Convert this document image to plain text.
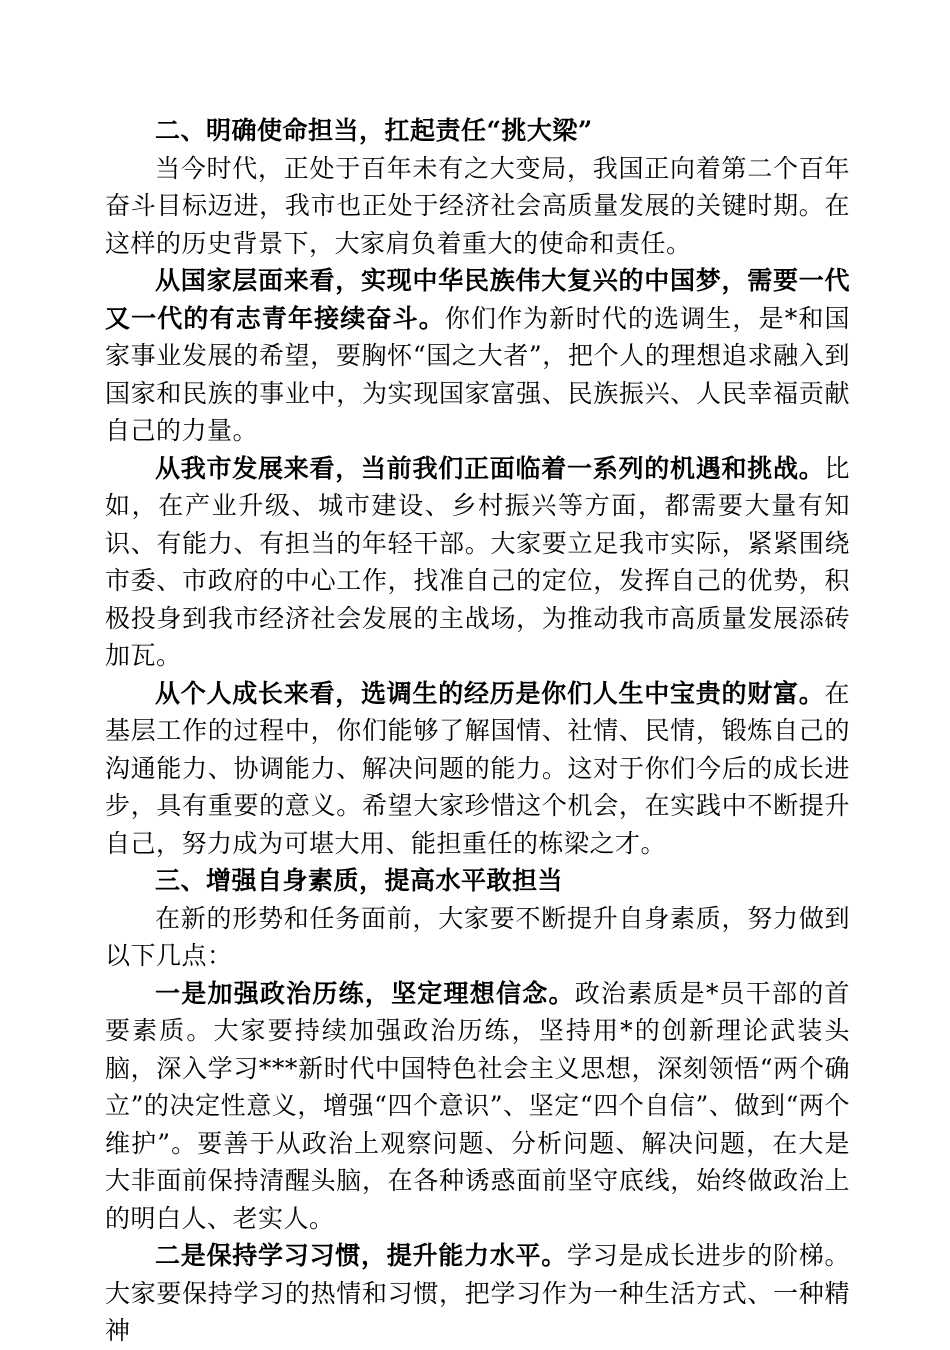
二、明确使命担当，扛起责任“挑大梁”

当今时代，正处于百年未有之大变局，我国正向着第二个百年奋斗目标迈进，我市也正处于经济社会高质量发展的关键时期。在这样的历史背景下，大家肩负着重大的使命和责任。

从国家层面来看，实现中华民族伟大复兴的中国梦，需要一代又一代的有志青年接续奋斗。你们作为新时代的选调生，是*和国家事业发展的希望，要胸怀“国之大者”，把个人的理想追求融入到国家和民族的事业中，为实现国家富强、民族振兴、人民幸福贡献自己的力量。

从我市发展来看，当前我们正面临着一系列的机遇和挑战。比如，在产业升级、城市建设、乡村振兴等方面，都需要大量有知识、有能力、有担当的年轻干部。大家要立足我市实际，紧紧围绕市委、市政府的中心工作，找准自己的定位，发挥自己的优势，积极投身到我市经济社会发展的主战场，为推动我市高质量发展添砖加瓦。

从个人成长来看，选调生的经历是你们人生中宝贵的财富。在基层工作的过程中，你们能够了解国情、社情、民情，锻炼自己的沟通能力、协调能力、解决问题的能力。这对于你们今后的成长进步，具有重要的意义。希望大家珍惜这个机会，在实践中不断提升自己，努力成为可堪大用、能担重任的栋梁之才。

三、增强自身素质，提高水平敢担当

在新的形势和任务面前，大家要不断提升自身素质，努力做到以下几点：

一是加强政治历练，坚定理想信念。政治素质是*员干部的首要素质。大家要持续加强政治历练，坚持用*的创新理论武装头脑，深入学习***新时代中国特色社会主义思想，深刻领悟“两个确立”的决定性意义，增强“四个意识”、坚定“四个自信”、做到“两个维护”。要善于从政治上观察问题、分析问题、解决问题，在大是大非面前保持清醒头脑，在各种诱惑面前坚守底线，始终做政治上的明白人、老实人。

二是保持学习习惯，提升能力水平。学习是成长进步的阶梯。大家要保持学习的热情和习惯，把学习作为一种生活方式、一种精神
